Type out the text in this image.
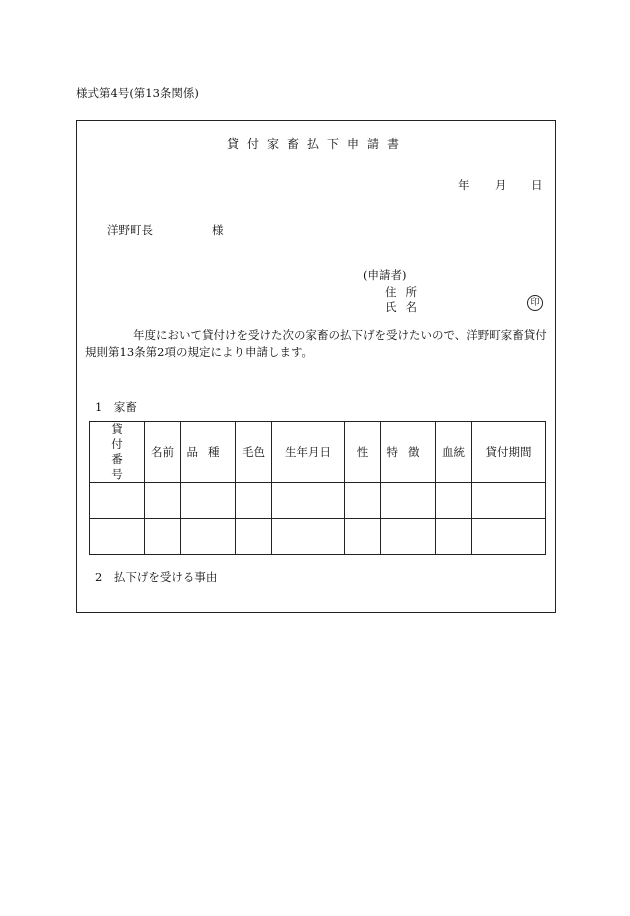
様式第4号(第13条関係)
貸付家畜払下申請書
年 月 日
洋野町長	様
(申請者)
住所
氏名	印
年度において貸付けを受けた次の家畜の払下げを受けたいので、洋野町家畜貸付規則第13条第2項の規定により申請します。
1　家畜
貸付
番号	名前	品種	毛色	生年月日	性	特徴	血統	貸付期間

2　払下げを受ける事由
